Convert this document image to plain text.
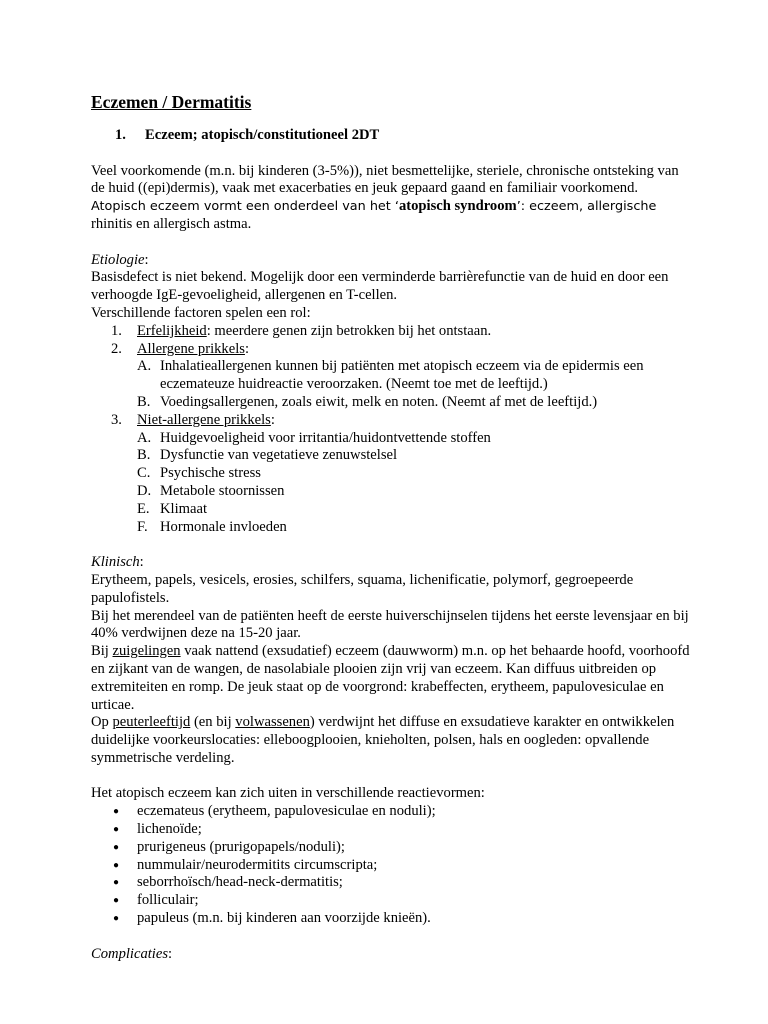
Eczemen / Dermatitis
1. Eczeem; atopisch/constitutioneel 2DT

Veel voorkomende (m.n. bij kinderen (3-5%)), niet besmettelijke, steriele, chronische ontsteking van de huid ((epi)dermis), vaak met exacerbaties en jeuk gepaard gaand en familiair voorkomend.

Atopisch eczeem vormt een onderdeel van het ‘atopisch syndroom’: eczeem, allergische

rhinitis en allergisch astma.

Etiologie:

Basisdefect is niet bekend. Mogelijk door een verminderde barrièrefunctie van de huid en door een verhoogde IgE-gevoeligheid, allergenen en T-cellen.

Verschillende factoren spelen een rol:

1. Erfelijkheid: meerdere genen zijn betrokken bij het ontstaan.
2. Allergene prikkels:
A. Inhalatieallergenen kunnen bij patiënten met atopisch eczeem via de epidermis een eczemateuze huidreactie veroorzaken. (Neemt toe met de leeftijd.)
B. Voedingsallergenen, zoals eiwit, melk en noten. (Neemt af met de leeftijd.)
3. Niet-allergene prikkels:
A. Huidgevoeligheid voor irritantia/huidontvettende stoffen
B. Dysfunctie van vegetatieve zenuwstelsel
C. Psychische stress
D. Metabole stoornissen
E. Klimaat
F. Hormonale invloeden

Klinisch:

Erytheem, papels, vesicels, erosies, schilfers, squama, lichenificatie, polymorf, gegroepeerde papulofistels.

Bij het merendeel van de patiënten heeft de eerste huiverschijnselen tijdens het eerste levensjaar en bij 40% verdwijnen deze na 15-20 jaar.

Bij zuigelingen vaak nattend (exsudatief) eczeem (dauwworm) m.n. op het behaarde hoofd, voorhoofd en zijkant van de wangen, de nasolabiale plooien zijn vrij van eczeem. Kan diffuus uitbreiden op extremiteiten en romp. De jeuk staat op de voorgrond: krabeffecten, erytheem, papulovesiculae en urticae.

Op peuterleeftijd (en bij volwassenen) verdwijnt het diffuse en exsudatieve karakter en ontwikkelen duidelijke voorkeurslocaties: elleboogplooien, knieholten, polsen, hals en oogleden: opvallende symmetrische verdeling.

Het atopisch eczeem kan zich uiten in verschillende reactievormen:

● eczemateus (erytheem, papulovesiculae en noduli);
● lichenoïde;
● prurigeneus (prurigopapels/noduli);
● nummulair/neurodermitits circumscripta;
● seborrhoïsch/head-neck-dermatitis;
● folliculair;
● papuleus (m.n. bij kinderen aan voorzijde knieën).

Complicaties:
